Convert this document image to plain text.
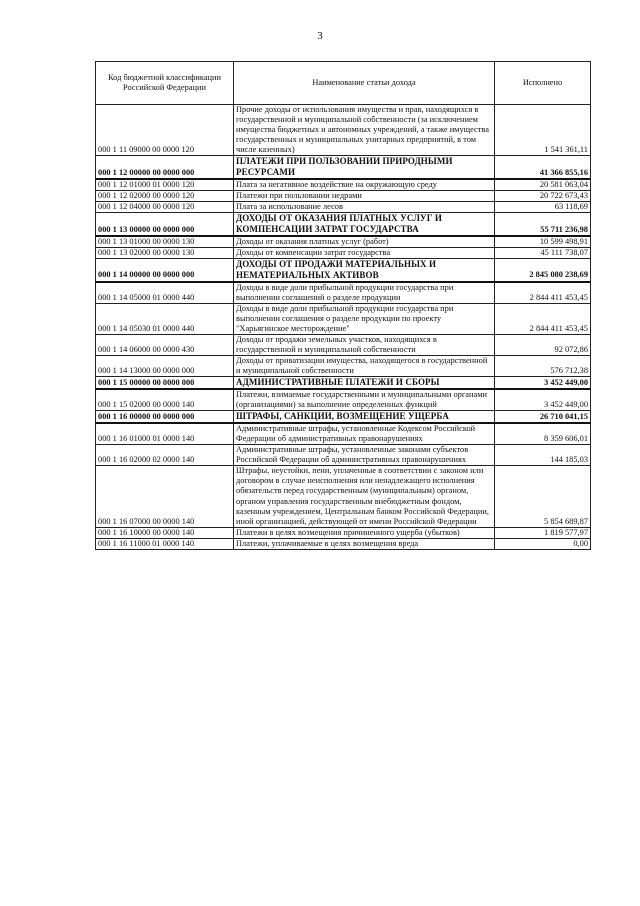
3
Код бюджетной классификации Российской Федерации	Наименование статьи дохода	Исполнено
000 1 11 09000 00 0000 120	Прочие доходы от использования имущества и прав, находящихся в государственной и муниципальной собственности (за исключением имущества бюджетных и автономных учреждений, а также имущества государственных и муниципальных унитарных предприятий, в том числе казенных)	1 541 361,11
000 1 12 00000 00 0000 000	ПЛАТЕЖИ ПРИ ПОЛЬЗОВАНИИ ПРИРОДНЫМИ РЕСУРСАМИ	41 366 855,16
000 1 12 01000 01 0000 120	Плата за негативное воздействие на окружающую среду	20 581 063,04
000 1 12 02000 00 0000 120	Платежи при пользовании недрами	20 722 673,43
000 1 12 04000 00 0000 120	Плата за использование лесов	63 118,69
000 1 13 00000 00 0000 000	ДОХОДЫ ОТ ОКАЗАНИЯ ПЛАТНЫХ УСЛУГ И КОМПЕНСАЦИИ ЗАТРАТ ГОСУДАРСТВА	55 711 236,98
000 1 13 01000 00 0000 130	Доходы от оказания платных услуг (работ)	10 599 498,91
000 1 13 02000 00 0000 130	Доходы от компенсации затрат государства	45 111 738,07
000 1 14 00000 00 0000 000	ДОХОДЫ ОТ ПРОДАЖИ МАТЕРИАЛЬНЫХ И НЕМАТЕРИАЛЬНЫХ АКТИВОВ	2 845 080 238,69
000 1 14 05000 01 0000 440	Доходы в виде доли прибыльной продукции государства при выполнении соглашений о разделе продукции	2 844 411 453,45
000 1 14 05030 01 0000 440	Доходы в виде доли прибыльной продукции государства при выполнении соглашения о разделе продукции по проекту "Харьягинское месторождение"	2 844 411 453,45
000 1 14 06000 00 0000 430	Доходы от продажи земельных участков, находящихся в государственной и муниципальной собственности	92 072,86
000 1 14 13000 00 0000 000	Доходы от приватизации имущества, находящегося в государственной и муниципальной собственности	576 712,38
000 1 15 00000 00 0000 000	АДМИНИСТРАТИВНЫЕ ПЛАТЕЖИ И СБОРЫ	3 452 449,00
000 1 15 02000 00 0000 140	Платежи, взимаемые государственными и муниципальными органами (организациями) за выполнение определенных функций	3 452 449,00
000 1 16 00000 00 0000 000	ШТРАФЫ, САНКЦИИ, ВОЗМЕЩЕНИЕ УЩЕРБА	26 710 041,15
000 1 16 01000 01 0000 140	Административные штрафы, установленные Кодексом Российской Федерации об административных правонарушениях	8 359 606,01
000 1 16 02000 02 0000 140	Административные штрафы, установленные законами субъектов Российской Федерации об административных правонарушениях	144 185,03
000 1 16 07000 00 0000 140	Штрафы, неустойки, пени, уплаченные в соответствии с законом или договором в случае неисполнения или ненадлежащего исполнения обязательств перед государственным (муниципальным) органом, органом управления государственным внебюджетным фондом, казенным учреждением, Центральным банком Российской Федерации, иной организацией, действующей от имени Российской Федерации	5 854 689,87
000 1 16 10000 00 0000 140	Платежи в целях возмещения причиненного ущерба (убытков)	1 819 577,97
000 1 16 11000 01 0000 140	Платежи, уплачиваемые в целях возмещения вреда	0,00
